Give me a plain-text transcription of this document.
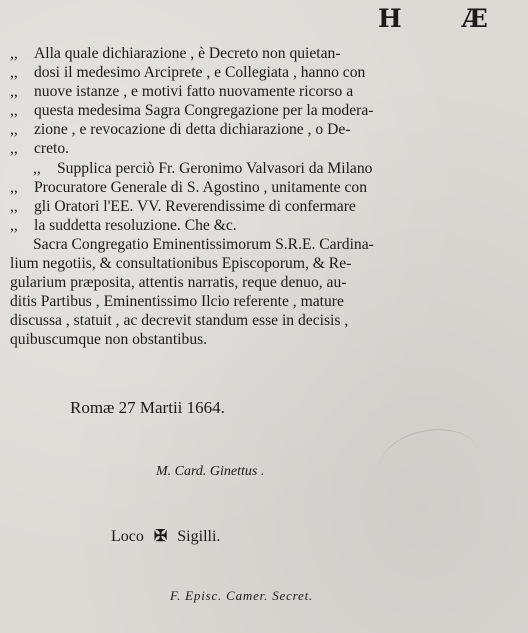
H Æ
,,Alla quale dichiarazione , è Decreto non quietan-
,,dosi il medesimo Arciprete , e Collegiata , hanno con
,,nuove istanze , e motivi fatto nuovamente ricorso a
,,questa medesima Sagra Congregazione per la modera-
,,zione , e revocazione di detta dichiarazione , o De-
,,creto.
,,Supplica perciò Fr. Geronimo Valvasori da Milano
,,Procuratore Generale di S. Agostino , unitamente con
,,gli Oratori l'EE. VV. Reverendissime di confermare
,,la suddetta resoluzione. Che &c.
Sacra Congregatio Eminentissimorum S.R.E. Cardina-
lium negotiis, & consultationibus Episcoporum, & Re-
gularium præposita, attentis narratis, reque denuo, au-
ditis Partibus , Eminentissimo Ilcio referente , mature
discussa , statuit , ac decrevit standum esse in decisis ,
quibuscumque non obstantibus.
Romæ 27 Martii 1664.
M. Card. Ginettus .
Loco ✠ Sigilli.
F. Episc. Camer. Secret.
